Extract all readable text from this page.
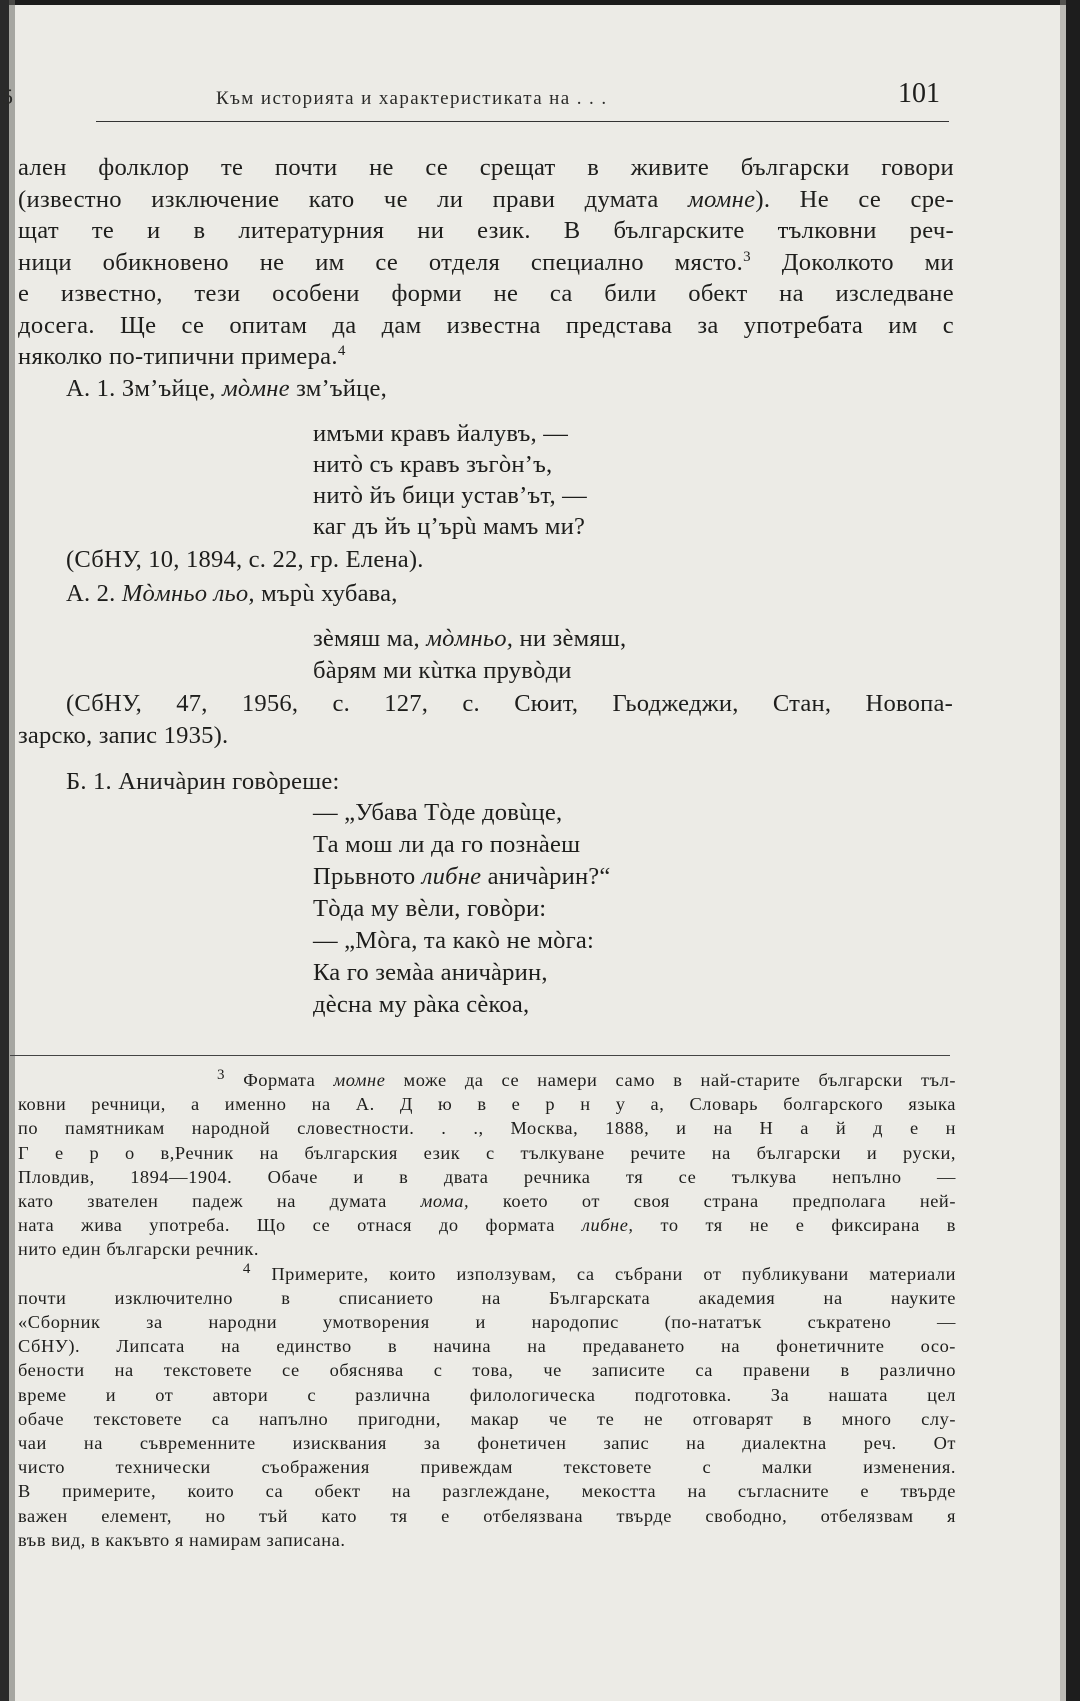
5	Към историята и характеристиката на . . .	101
ален фолклор те почти не се срещат в живите български говори
(известно изключение като че ли прави думата момне). Не се сре-
щат те и в литературния ни език. В българските тълковни реч-
ници обикновено не им се отделя специално място.$^3$ Доколкото ми
е известно, тези особени форми не са били обект на изследване
досега. Ще се опитам да дам известна представа за употребата им с
няколко по-типични примера.$^4$
А. 1. Зм’ъйце, мòмне зм’ъйце,
имъми кравъ йалувъ, —
нитò съ кравъ зъгòн’ъ,
нитò йъ бици устав’ът, —
каг дъ йъ ц’ърù мамъ ми?
(СбНУ, 10, 1894, с. 22, гр. Елена).
А. 2. Мòмньо льо, мърù хубава,
зèмяш ма, мòмньо, ни зèмяш,
бàрям ми кùтка прувòди
(СбНУ, 47, 1956, с. 127, с. Сюит, Гьоджеджи, Стан, Новопа-
зарско, запис 1935).
Б. 1. Аничàрин говòреше:
— „Убава Тòде довùце,
Та мош ли да го познàеш
Прьвното либне аничàрин?“
Тòда му вèли, говòри:
— „Мòга, та какò не мòга:
Ка го земàа аничàрин,
дèсна му рàка сèкоа,
$^3$ Формата момне може да се намери само в най-старите български тъл-
ковни речници, а именно на А. Д ю в е р н у а, Словарь болгарского языка
по памятникам народной словестности. . ., Москва, 1888, и на Н а й д е н
Г е р о в,Речник на българския език с тълкуване речите на български и руски,
Пловдив, 1894—1904. Обаче и в двата речника тя се тълкува непълно —
като звателен падеж на думата мома, което от своя страна предполага ней-
ната жива употреба. Що се отнася до формата либне, то тя не е фиксирана в
нито един български речник.
$^4$ Примерите, които използувам, са събрани от публикувани материали
почти изключително в списанието на Българската академия на науките
«Сборник за народни умотворения и народопис (по-нататък съкратено —
СбНУ). Липсата на единство в начина на предаването на фонетичните осо-
бености на текстовете се обяснява с това, че записите са правени в различно
време и от автори с различна филологическа подготовка. За нашата цел
обаче текстовете са напълно пригодни, макар че те не отговарят в много слу-
чаи на съвременните изисквания за фонетичен запис на диалектна реч. От
чисто технически съображения привеждам текстовете с малки изменения.
В примерите, които са обект на разглеждане, мекостта на съгласните е твърде
важен елемент, но тъй като тя е отбелязвана твърде свободно, отбелязвам я
във вид, в какъвто я намирам записана.
